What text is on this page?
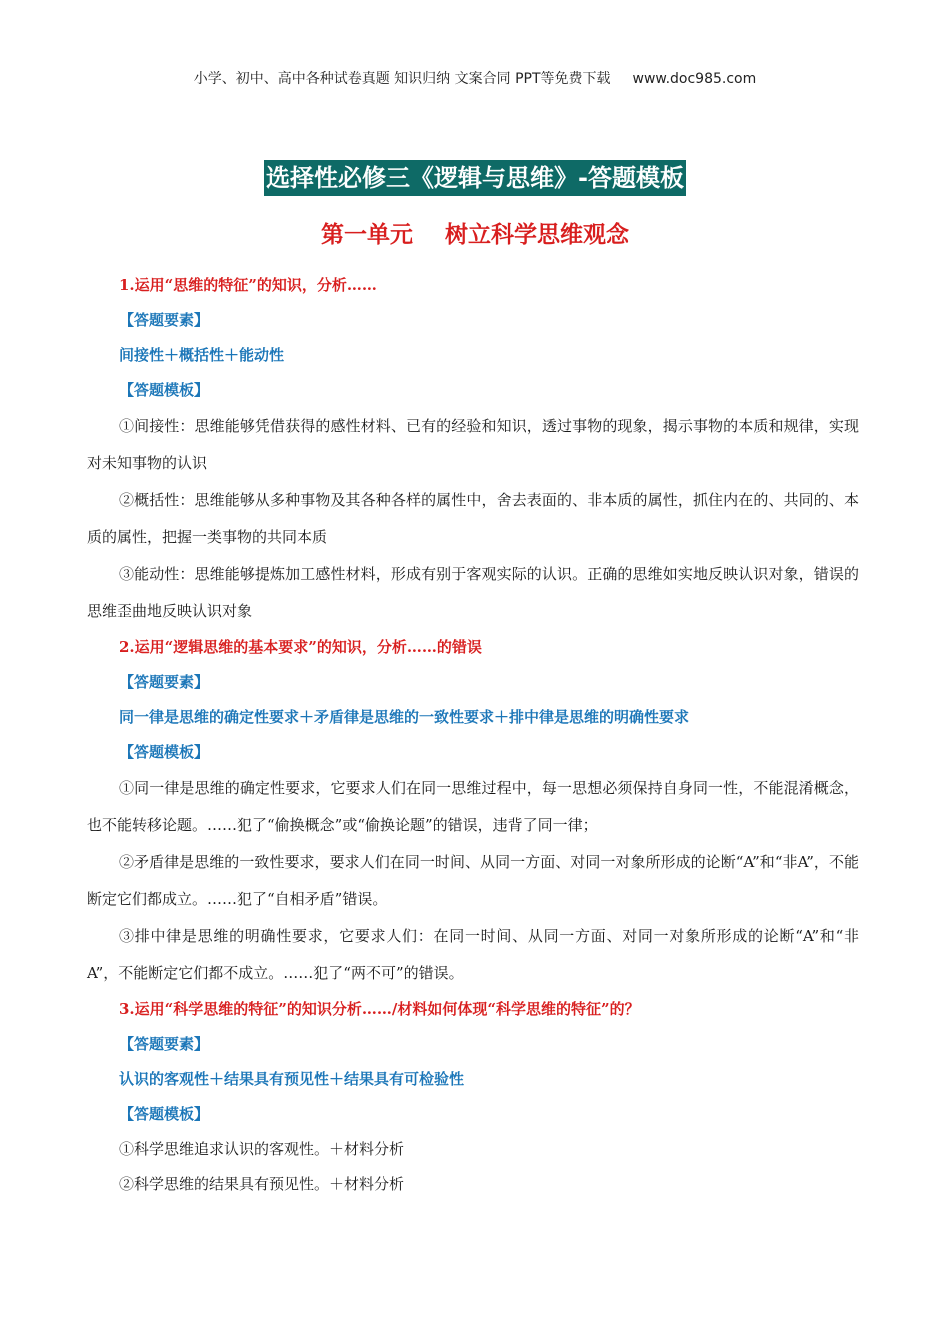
小学、初中、高中各种试卷真题 知识归纳 文案合同 PPT等免费下载 www.doc985.com
选择性必修三《逻辑与思维》-答题模板
第一单元    树立科学思维观念
1.运用“思维的特征”的知识，分析……
【答题要素】
间接性＋概括性＋能动性
【答题模板】
①间接性：思维能够凭借获得的感性材料、已有的经验和知识，透过事物的现象，揭示事物的本质和规律，实现对未知事物的认识
②概括性：思维能够从多种事物及其各种各样的属性中，舍去表面的、非本质的属性，抓住内在的、共同的、本质的属性，把握一类事物的共同本质
③能动性：思维能够提炼加工感性材料，形成有别于客观实际的认识。正确的思维如实地反映认识对象，错误的思维歪曲地反映认识对象
2.运用“逻辑思维的基本要求”的知识，分析……的错误
【答题要素】
同一律是思维的确定性要求＋矛盾律是思维的一致性要求＋排中律是思维的明确性要求
【答题模板】
①同一律是思维的确定性要求，它要求人们在同一思维过程中，每一思想必须保持自身同一性，不能混淆概念，也不能转移论题。……犯了“偷换概念”或“偷换论题”的错误，违背了同一律；
②矛盾律是思维的一致性要求，要求人们在同一时间、从同一方面、对同一对象所形成的论断“A”和“非A”，不能断定它们都成立。……犯了“自相矛盾”错误。
③排中律是思维的明确性要求，它要求人们：在同一时间、从同一方面、对同一对象所形成的论断“A”和“非 A”，不能断定它们都不成立。……犯了“两不可”的错误。
3.运用“科学思维的特征”的知识分析……/材料如何体现“科学思维的特征”的？
【答题要素】
认识的客观性＋结果具有预见性＋结果具有可检验性
【答题模板】
①科学思维追求认识的客观性。＋材料分析
②科学思维的结果具有预见性。＋材料分析
